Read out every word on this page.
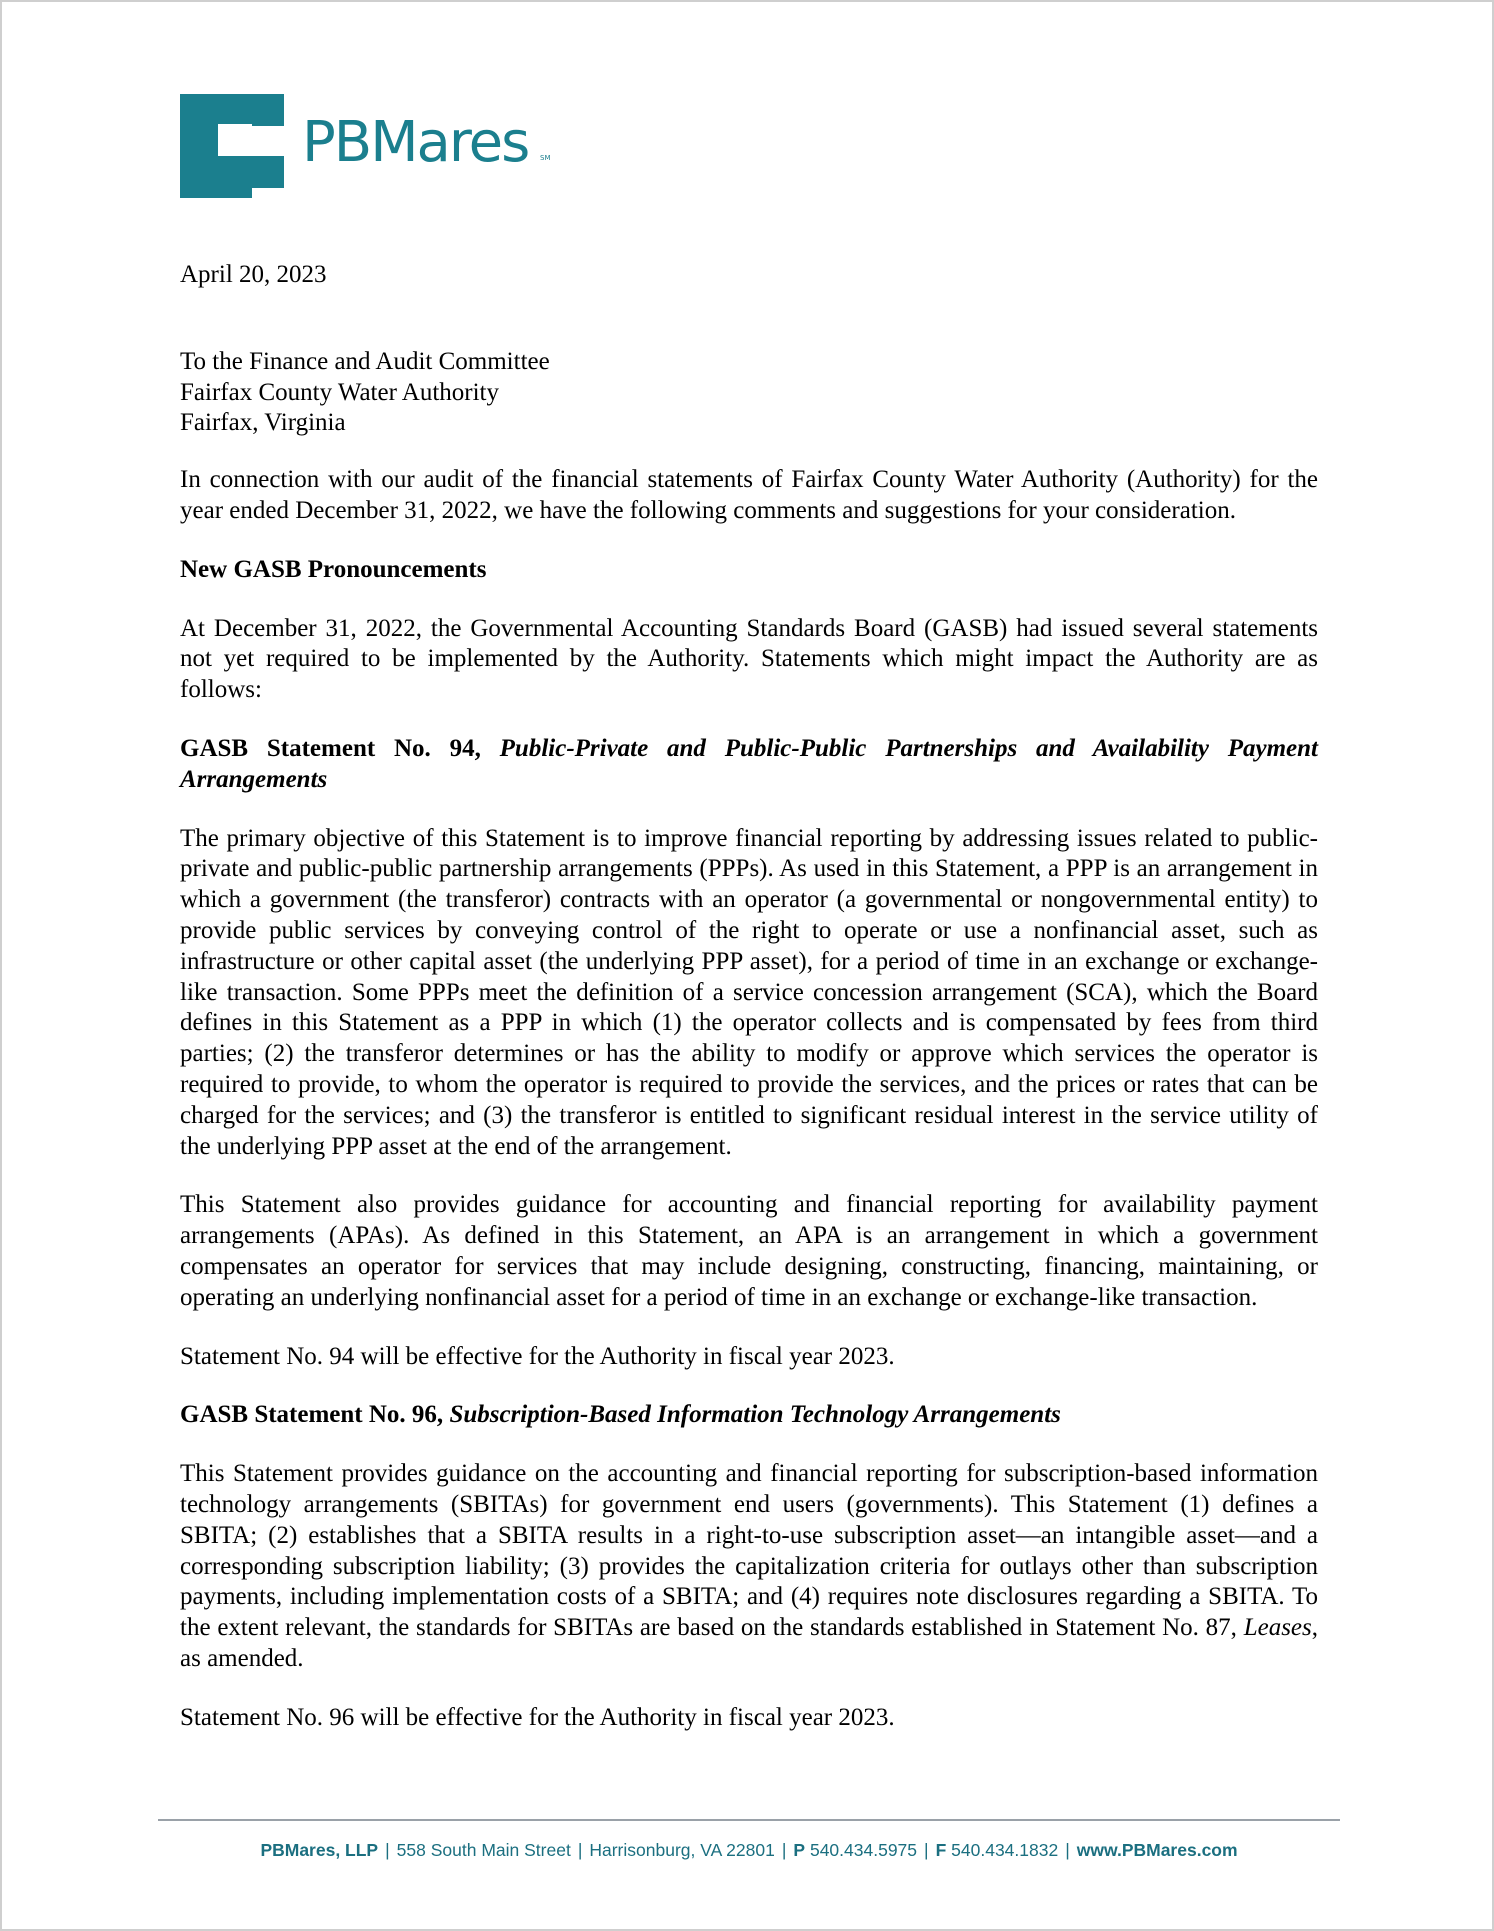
PBMares SM

April 20, 2023

To the Finance and Audit Committee

Fairfax County Water Authority

Fairfax, Virginia

In connection with our audit of the financial statements of Fairfax County Water Authority (Authority) for the year ended December 31, 2022, we have the following comments and suggestions for your consideration.

New GASB Pronouncements

At December 31, 2022, the Governmental Accounting Standards Board (GASB) had issued several statements not yet required to be implemented by the Authority. Statements which might impact the Authority are as follows:

GASB Statement No. 94, Public-Private and Public-Public Partnerships and Availability Payment Arrangements

The primary objective of this Statement is to improve financial reporting by addressing issues related to public-private and public-public partnership arrangements (PPPs). As used in this Statement, a PPP is an arrangement in which a government (the transferor) contracts with an operator (a governmental or nongovernmental entity) to provide public services by conveying control of the right to operate or use a nonfinancial asset, such as infrastructure or other capital asset (the underlying PPP asset), for a period of time in an exchange or exchange-like transaction. Some PPPs meet the definition of a service concession arrangement (SCA), which the Board defines in this Statement as a PPP in which (1) the operator collects and is compensated by fees from third parties; (2) the transferor determines or has the ability to modify or approve which services the operator is required to provide, to whom the operator is required to provide the services, and the prices or rates that can be charged for the services; and (3) the transferor is entitled to significant residual interest in the service utility of the underlying PPP asset at the end of the arrangement.

This Statement also provides guidance for accounting and financial reporting for availability payment arrangements (APAs). As defined in this Statement, an APA is an arrangement in which a government compensates an operator for services that may include designing, constructing, financing, maintaining, or operating an underlying nonfinancial asset for a period of time in an exchange or exchange-like transaction.

Statement No. 94 will be effective for the Authority in fiscal year 2023.

GASB Statement No. 96, Subscription-Based Information Technology Arrangements

This Statement provides guidance on the accounting and financial reporting for subscription-based information technology arrangements (SBITAs) for government end users (governments). This Statement (1) defines a SBITA; (2) establishes that a SBITA results in a right-to-use subscription asset—an intangible asset—and a corresponding subscription liability; (3) provides the capitalization criteria for outlays other than subscription payments, including implementation costs of a SBITA; and (4) requires note disclosures regarding a SBITA. To the extent relevant, the standards for SBITAs are based on the standards established in Statement No. 87, Leases, as amended.

Statement No. 96 will be effective for the Authority in fiscal year 2023.

PBMares, LLP | 558 South Main Street | Harrisonburg, VA 22801 | P 540.434.5975 | F 540.434.1832 | www.PBMares.com
